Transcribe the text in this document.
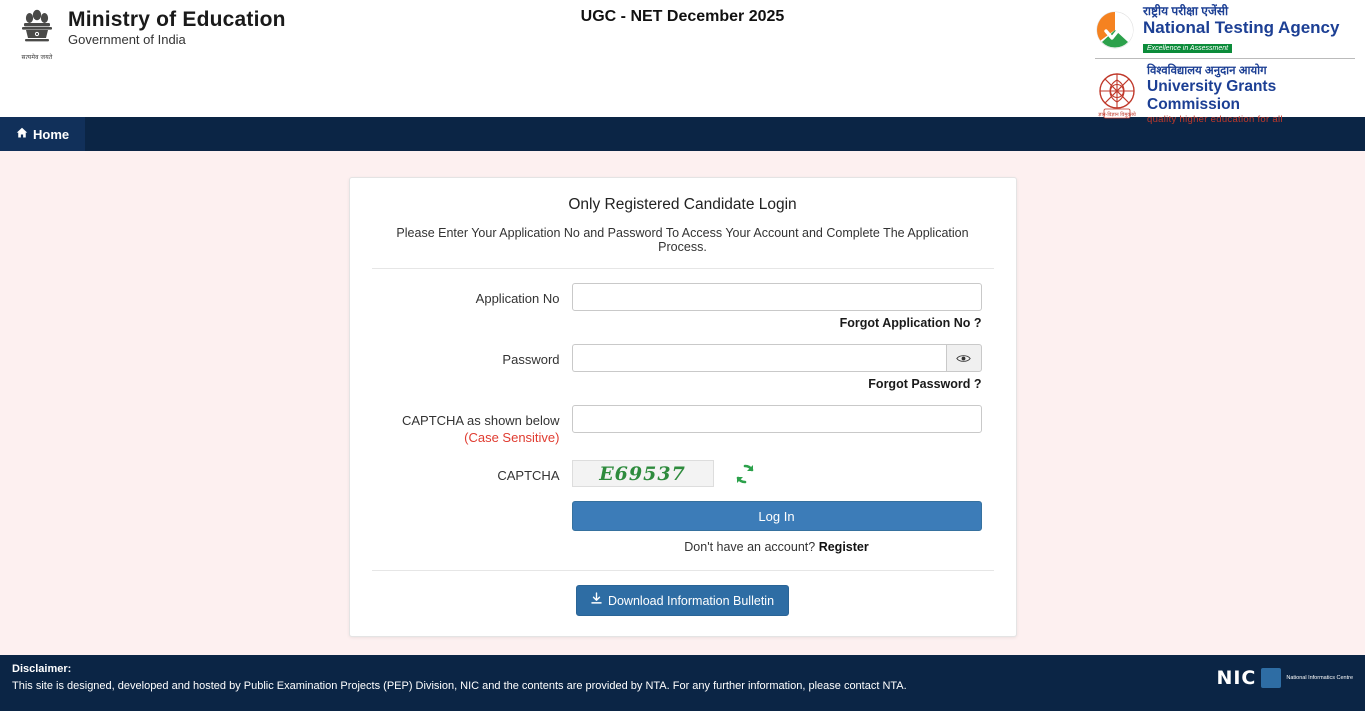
सत्यमेव जयते
Ministry of Education
Government of India
UGC - NET December 2025	राष्ट्रीय परीक्षा एजेंसी
National Testing Agency
Excellence in Assessment
ज्ञान-विज्ञान विमुक्तये
विश्वविद्यालय अनुदान आयोग
University Grants Commission
quality higher education for all
Home
Only Registered Candidate Login
Please Enter Your Application No and Password To Access Your Account and Complete The Application Process.
Application No
Forgot Application No ?
Password
Forgot Password ?
CAPTCHA as shown below (Case Sensitive)
CAPTCHA	E69537
Log In
Don't have an account? Register
Download Information Bulletin
Disclaimer:
This site is designed, developed and hosted by Public Examination Projects (PEP) Division, NIC and the contents are provided by NTA. For any further information, please contact NTA.	NIC	National Informatics Centre
